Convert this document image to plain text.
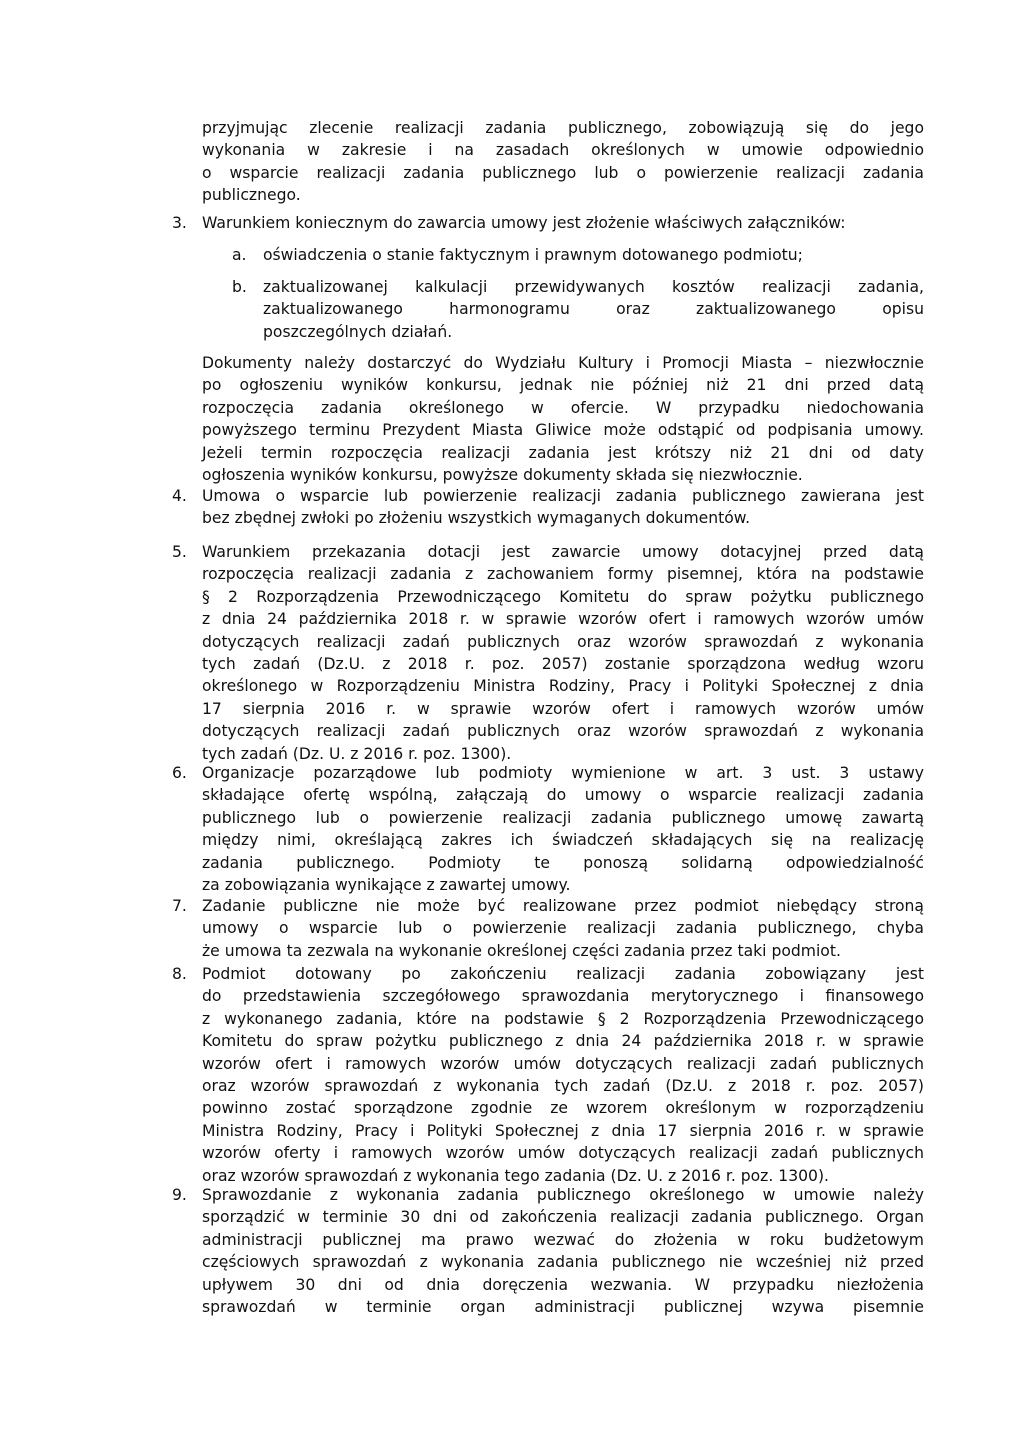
przyjmując zlecenie realizacji zadania publicznego, zobowiązują się do jego
wykonania w zakresie i na zasadach określonych w umowie odpowiednio
o wsparcie realizacji zadania publicznego lub o powierzenie realizacji zadania
publicznego.
3. Warunkiem koniecznym do zawarcia umowy jest złożenie właściwych załączników:
a. oświadczenia o stanie faktycznym i prawnym dotowanego podmiotu;
b. zaktualizowanej kalkulacji przewidywanych kosztów realizacji zadania,
zaktualizowanego harmonogramu oraz zaktualizowanego opisu
poszczególnych działań.
Dokumenty należy dostarczyć do Wydziału Kultury i Promocji Miasta – niezwłocznie
po ogłoszeniu wyników konkursu, jednak nie później niż 21 dni przed datą
rozpoczęcia zadania określonego w ofercie. W przypadku niedochowania
powyższego terminu Prezydent Miasta Gliwice może odstąpić od podpisania umowy.
Jeżeli termin rozpoczęcia realizacji zadania jest krótszy niż 21 dni od daty
ogłoszenia wyników konkursu, powyższe dokumenty składa się niezwłocznie.
4. Umowa o wsparcie lub powierzenie realizacji zadania publicznego zawierana jest
bez zbędnej zwłoki po złożeniu wszystkich wymaganych dokumentów.
5. Warunkiem przekazania dotacji jest zawarcie umowy dotacyjnej przed datą
rozpoczęcia realizacji zadania z zachowaniem formy pisemnej, która na podstawie
§ 2 Rozporządzenia Przewodniczącego Komitetu do spraw pożytku publicznego
z dnia 24 października 2018 r. w sprawie wzorów ofert i ramowych wzorów umów
dotyczących realizacji zadań publicznych oraz wzorów sprawozdań z wykonania
tych zadań (Dz.U. z 2018 r. poz. 2057) zostanie sporządzona według wzoru
określonego w Rozporządzeniu Ministra Rodziny, Pracy i Polityki Społecznej z dnia
17 sierpnia 2016 r. w sprawie wzorów ofert i ramowych wzorów umów
dotyczących realizacji zadań publicznych oraz wzorów sprawozdań z wykonania
tych zadań (Dz. U. z 2016 r. poz. 1300).
6. Organizacje pozarządowe lub podmioty wymienione w art. 3 ust. 3 ustawy
składające ofertę wspólną, załączają do umowy o wsparcie realizacji zadania
publicznego lub o powierzenie realizacji zadania publicznego umowę zawartą
między nimi, określającą zakres ich świadczeń składających się na realizację
zadania publicznego. Podmioty te ponoszą solidarną odpowiedzialność
za zobowiązania wynikające z zawartej umowy.
7. Zadanie publiczne nie może być realizowane przez podmiot niebędący stroną
umowy o wsparcie lub o powierzenie realizacji zadania publicznego, chyba
że umowa ta zezwala na wykonanie określonej części zadania przez taki podmiot.
8. Podmiot dotowany po zakończeniu realizacji zadania zobowiązany jest
do przedstawienia szczegółowego sprawozdania merytorycznego i finansowego
z wykonanego zadania, które na podstawie § 2 Rozporządzenia Przewodniczącego
Komitetu do spraw pożytku publicznego z dnia 24 października 2018 r. w sprawie
wzorów ofert i ramowych wzorów umów dotyczących realizacji zadań publicznych
oraz wzorów sprawozdań z wykonania tych zadań (Dz.U. z 2018 r. poz. 2057)
powinno zostać sporządzone zgodnie ze wzorem określonym w rozporządzeniu
Ministra Rodziny, Pracy i Polityki Społecznej z dnia 17 sierpnia 2016 r. w sprawie
wzorów oferty i ramowych wzorów umów dotyczących realizacji zadań publicznych
oraz wzorów sprawozdań z wykonania tego zadania (Dz. U. z 2016 r. poz. 1300).
9. Sprawozdanie z wykonania zadania publicznego określonego w umowie należy
sporządzić w terminie 30 dni od zakończenia realizacji zadania publicznego. Organ
administracji publicznej ma prawo wezwać do złożenia w roku budżetowym
częściowych sprawozdań z wykonania zadania publicznego nie wcześniej niż przed
upływem 30 dni od dnia doręczenia wezwania. W przypadku niezłożenia
sprawozdań w terminie organ administracji publicznej wzywa pisemnie
